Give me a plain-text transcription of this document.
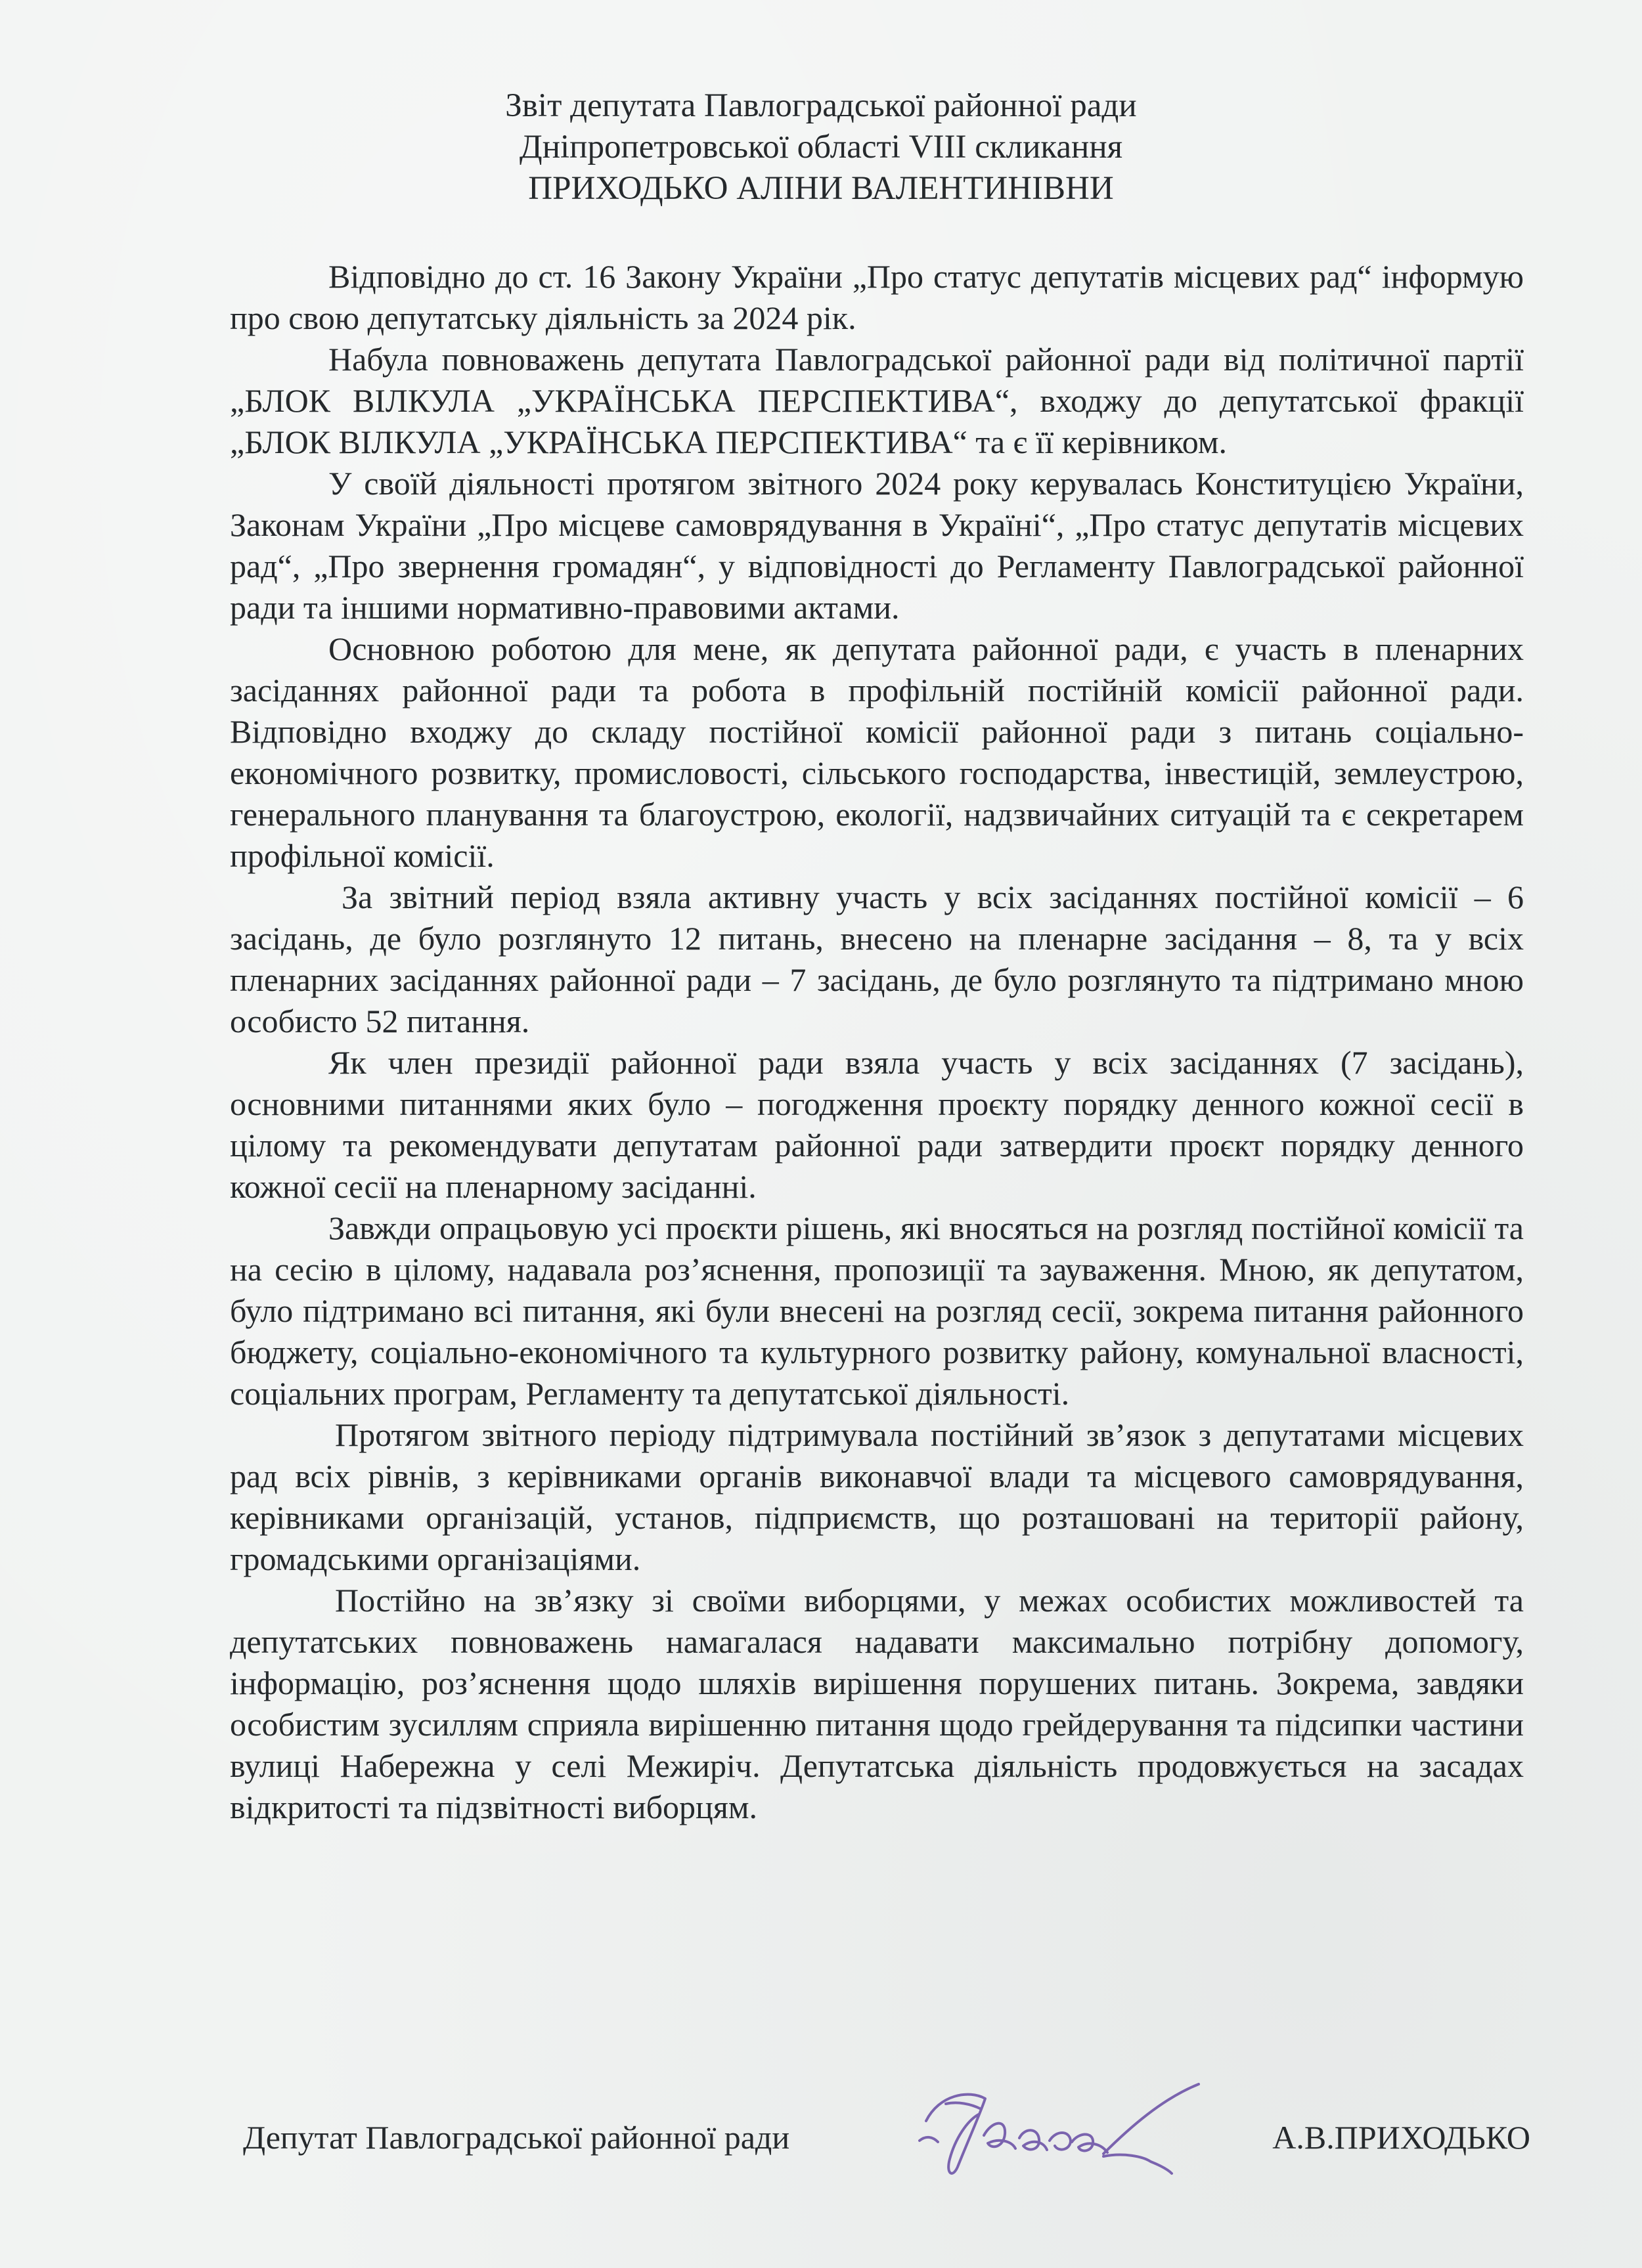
Звіт депутата Павлоградської районної ради
Дніпропетровської області VIII скликання
ПРИХОДЬКО АЛІНИ ВАЛЕНТИНІВНИ

Відповідно до ст. 16 Закону України „Про статус депутатів місцевих рад“ інформую про свою депутатську діяльність за 2024 рік.

Набула повноважень депутата Павлоградської районної ради від політичної партії „БЛОК ВІЛКУЛА „УКРАЇНСЬКА ПЕРСПЕКТИВА“, входжу до депутатської фракції „БЛОК ВІЛКУЛА „УКРАЇНСЬКА ПЕРСПЕКТИВА“ та є її керівником.

У своїй діяльності протягом звітного 2024 року керувалась Конституцією України, Законам України „Про місцеве самоврядування в Україні“, „Про статус депутатів місцевих рад“, „Про звернення громадян“, у відповідності до Регламенту Павлоградської районної ради та іншими нормативно-правовими актами.

Основною роботою для мене, як депутата районної ради, є участь в пленарних засіданнях районної ради та робота в профільній постійній комісії районної ради. Відповідно входжу до складу постійної комісії районної ради з питань соціально-економічного розвитку, промисловості, сільського господарства, інвестицій, землеустрою, генерального планування та благоустрою, екології, надзвичайних ситуацій та є секретарем профільної комісії.

За звітний період взяла активну участь у всіх засіданнях постійної комісії – 6 засідань, де було розглянуто 12 питань, внесено на пленарне засідання – 8, та у всіх пленарних засіданнях районної ради – 7 засідань, де було розглянуто та підтримано мною особисто 52 питання.

Як член президії районної ради взяла участь у всіх засіданнях (7 засідань), основними питаннями яких було – погодження проєкту порядку денного кожної сесії в цілому та рекомендувати депутатам районної ради затвердити проєкт порядку денного кожної сесії на пленарному засіданні.

Завжди опрацьовую усі проєкти рішень, які вносяться на розгляд постійної комісії та на сесію в цілому, надавала роз’яснення, пропозиції та зауваження. Мною, як депутатом, було підтримано всі питання, які були внесені на розгляд сесії, зокрема питання районного бюджету, соціально-економічного та культурного розвитку району, комунальної власності, соціальних програм, Регламенту та депутатської діяльності.

Протягом звітного періоду підтримувала постійний зв’язок з депутатами місцевих рад всіх рівнів, з керівниками органів виконавчої влади та місцевого самоврядування, керівниками організацій, установ, підприємств, що розташовані на території району, громадськими організаціями.

Постійно на зв’язку зі своїми виборцями, у межах особистих можливостей та депутатських повноважень намагалася надавати максимально потрібну допомогу, інформацію, роз’яснення щодо шляхів вирішення порушених питань. Зокрема, завдяки особистим зусиллям сприяла вирішенню питання щодо грейдерування та підсипки частини вулиці Набережна у селі Межиріч. Депутатська діяльність продовжується на засадах відкритості та підзвітності виборцям.

Депутат Павлоградської районної ради	А.В.ПРИХОДЬКО
